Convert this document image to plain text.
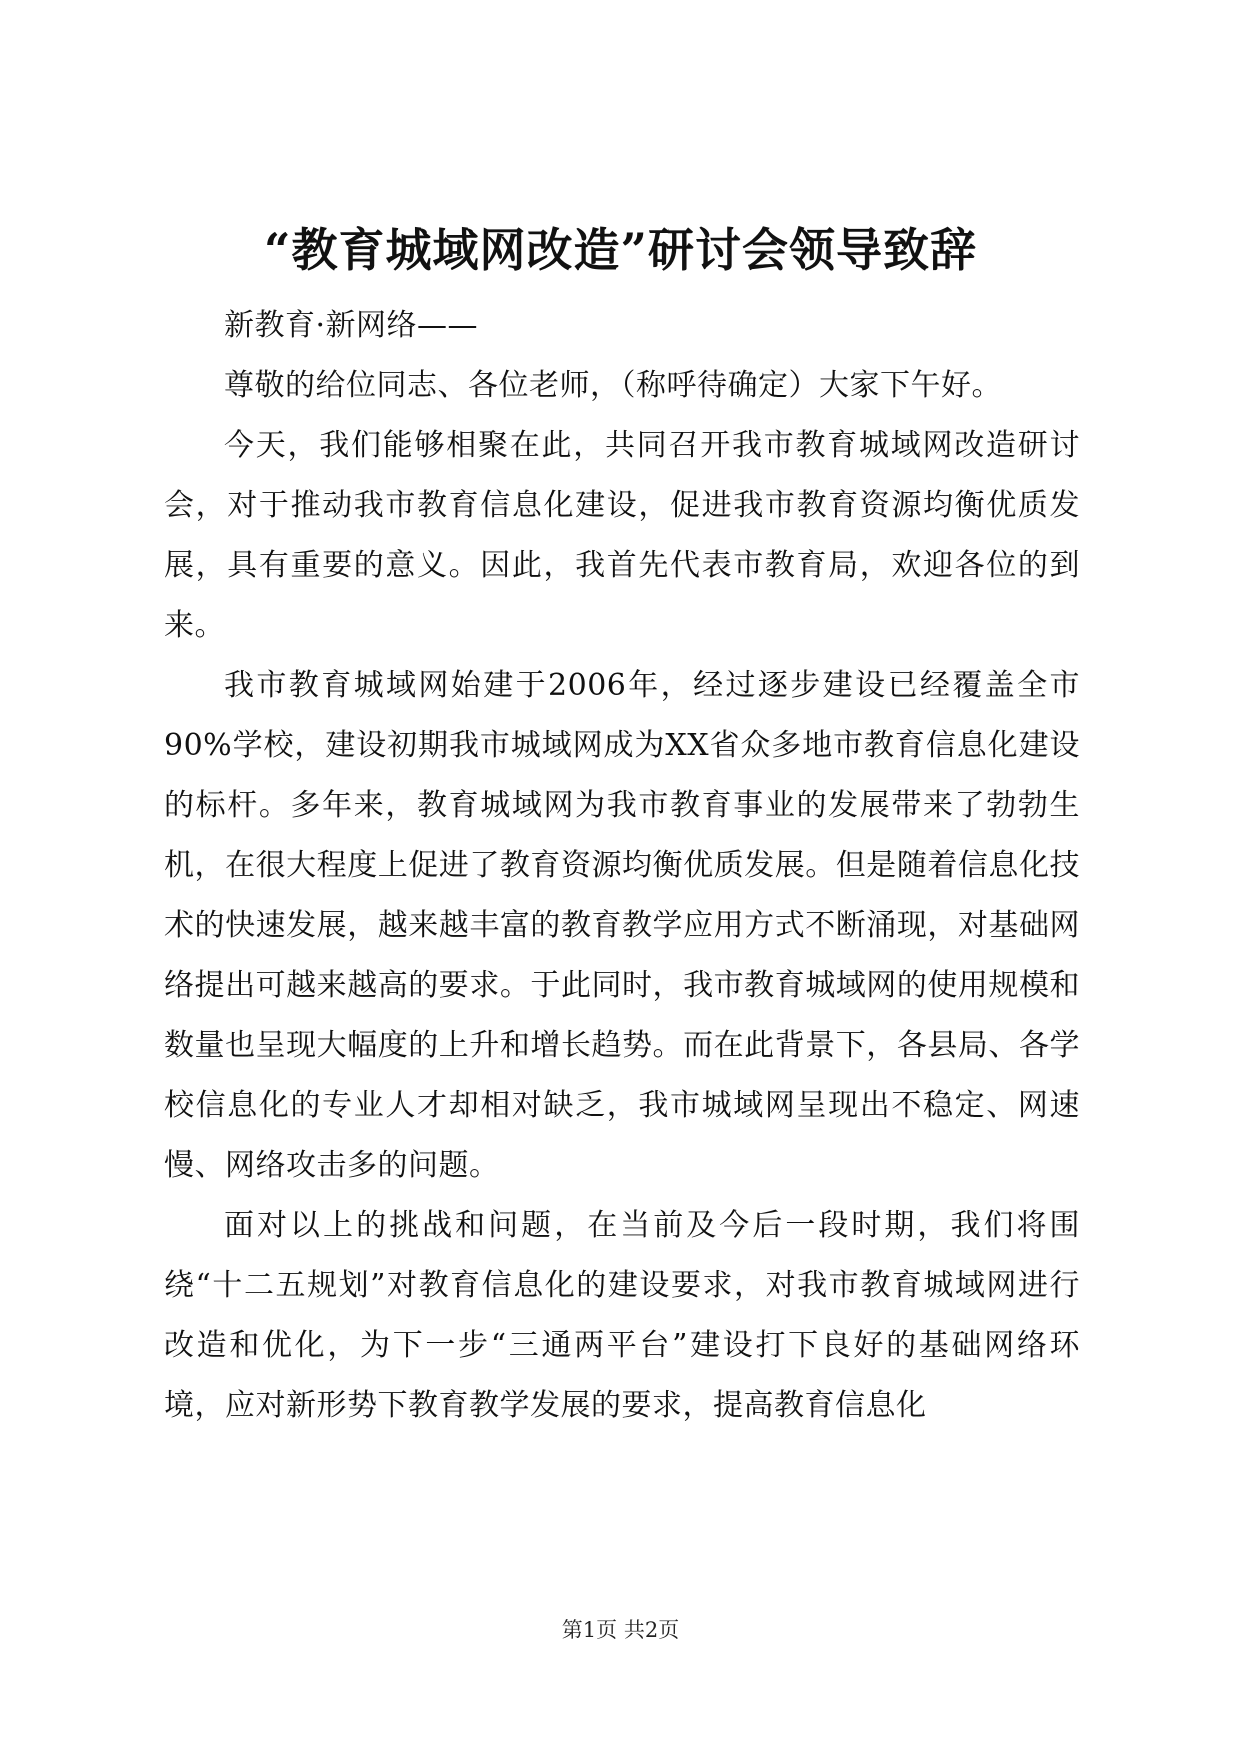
“教育城域网改造”研讨会领导致辞

新教育·新网络——

尊敬的给位同志、各位老师，（称呼待确定）大家下午好。

今天，我们能够相聚在此，共同召开我市教育城域网改造研讨会，对于推动我市教育信息化建设，促进我市教育资源均衡优质发展，具有重要的意义。因此，我首先代表市教育局，欢迎各位的到来。

我市教育城域网始建于2006年，经过逐步建设已经覆盖全市90%学校，建设初期我市城域网成为XX省众多地市教育信息化建设的标杆。多年来，教育城域网为我市教育事业的发展带来了勃勃生机，在很大程度上促进了教育资源均衡优质发展。但是随着信息化技术的快速发展，越来越丰富的教育教学应用方式不断涌现，对基础网络提出可越来越高的要求。于此同时，我市教育城域网的使用规模和数量也呈现大幅度的上升和增长趋势。而在此背景下，各县局、各学校信息化的专业人才却相对缺乏，我市城域网呈现出不稳定、网速慢、网络攻击多的问题。

面对以上的挑战和问题，在当前及今后一段时期，我们将围绕“十二五规划”对教育信息化的建设要求，对我市教育城域网进行改造和优化，为下一步“三通两平台”建设打下良好的基础网络环境，应对新形势下教育教学发展的要求，提高教育信息化

第1页 共2页
